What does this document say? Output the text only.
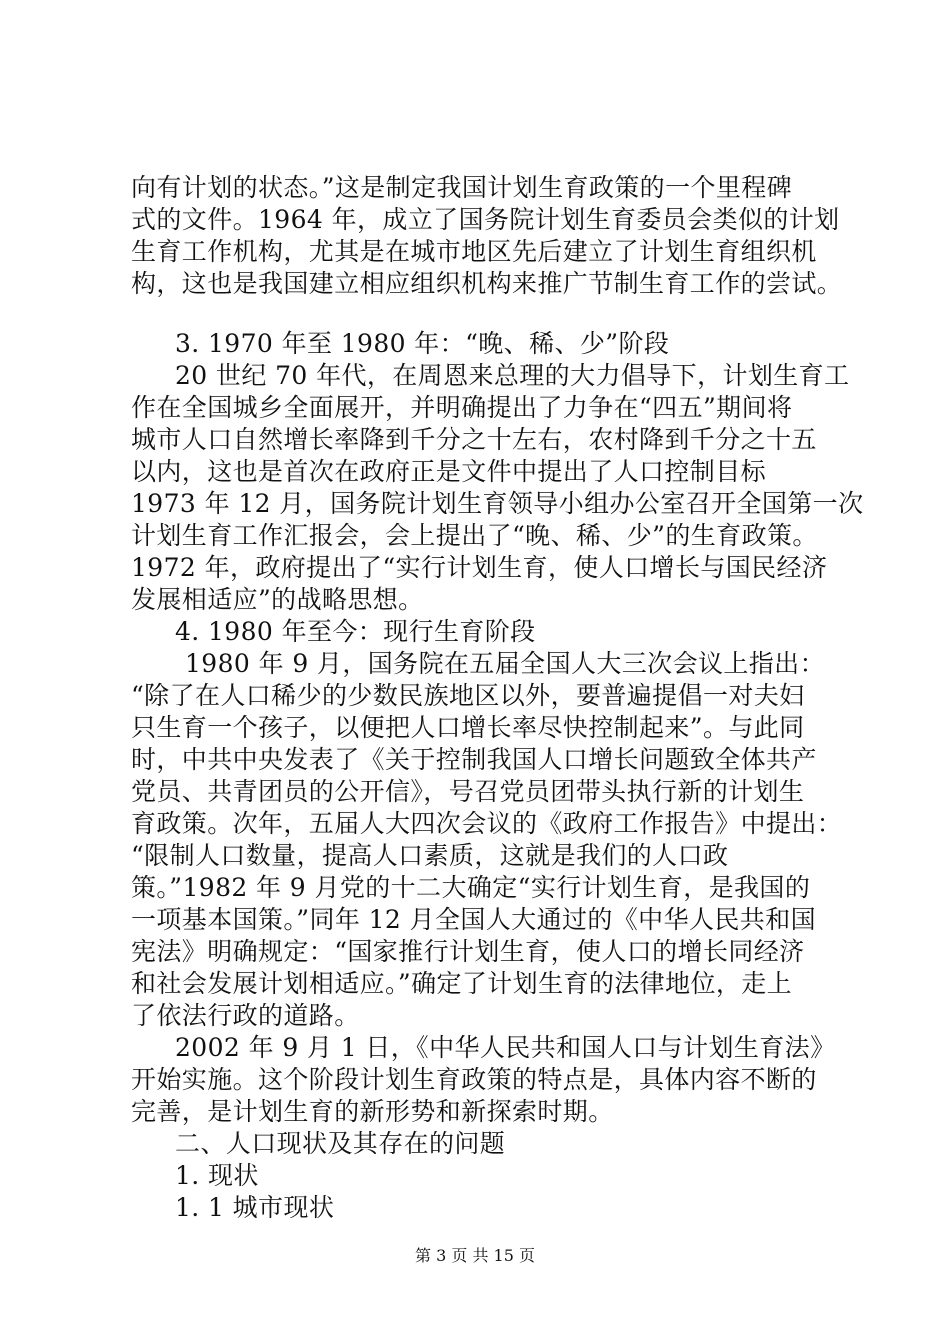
向有计划的状态。”这是制定我国计划生育政策的一个里程碑
式的文件。1964 年，成立了国务院计划生育委员会类似的计划
生育工作机构，尤其是在城市地区先后建立了计划生育组织机
构，这也是我国建立相应组织机构来推广节制生育工作的尝试。
3. 1970 年至 1980 年：“晚、稀、少”阶段
20 世纪 70 年代，在周恩来总理的大力倡导下，计划生育工
作在全国城乡全面展开，并明确提出了力争在“四五”期间将
城市人口自然增长率降到千分之十左右，农村降到千分之十五
以内，这也是首次在政府正是文件中提出了人口控制目标
1973 年 12 月，国务院计划生育领导小组办公室召开全国第一次
计划生育工作汇报会，会上提出了“晚、稀、少”的生育政策。
1972 年，政府提出了“实行计划生育，使人口增长与国民经济
发展相适应”的战略思想。
4. 1980 年至今：现行生育阶段
1980 年 9 月，国务院在五届全国人大三次会议上指出：
“除了在人口稀少的少数民族地区以外，要普遍提倡一对夫妇
只生育一个孩子，以便把人口增长率尽快控制起来”。与此同
时，中共中央发表了《关于控制我国人口增长问题致全体共产
党员、共青团员的公开信》，号召党员团带头执行新的计划生
育政策。次年，五届人大四次会议的《政府工作报告》中提出：
“限制人口数量，提高人口素质，这就是我们的人口政
策。”1982 年 9 月党的十二大确定“实行计划生育，是我国的
一项基本国策。”同年 12 月全国人大通过的《中华人民共和国
宪法》明确规定：“国家推行计划生育，使人口的增长同经济
和社会发展计划相适应。”确定了计划生育的法律地位，走上
了依法行政的道路。
2002 年 9 月 1 日，《中华人民共和国人口与计划生育法》
开始实施。这个阶段计划生育政策的特点是，具体内容不断的
完善，是计划生育的新形势和新探索时期。
二、人口现状及其存在的问题
1. 现状
1. 1 城市现状
第 3 页 共 15 页
